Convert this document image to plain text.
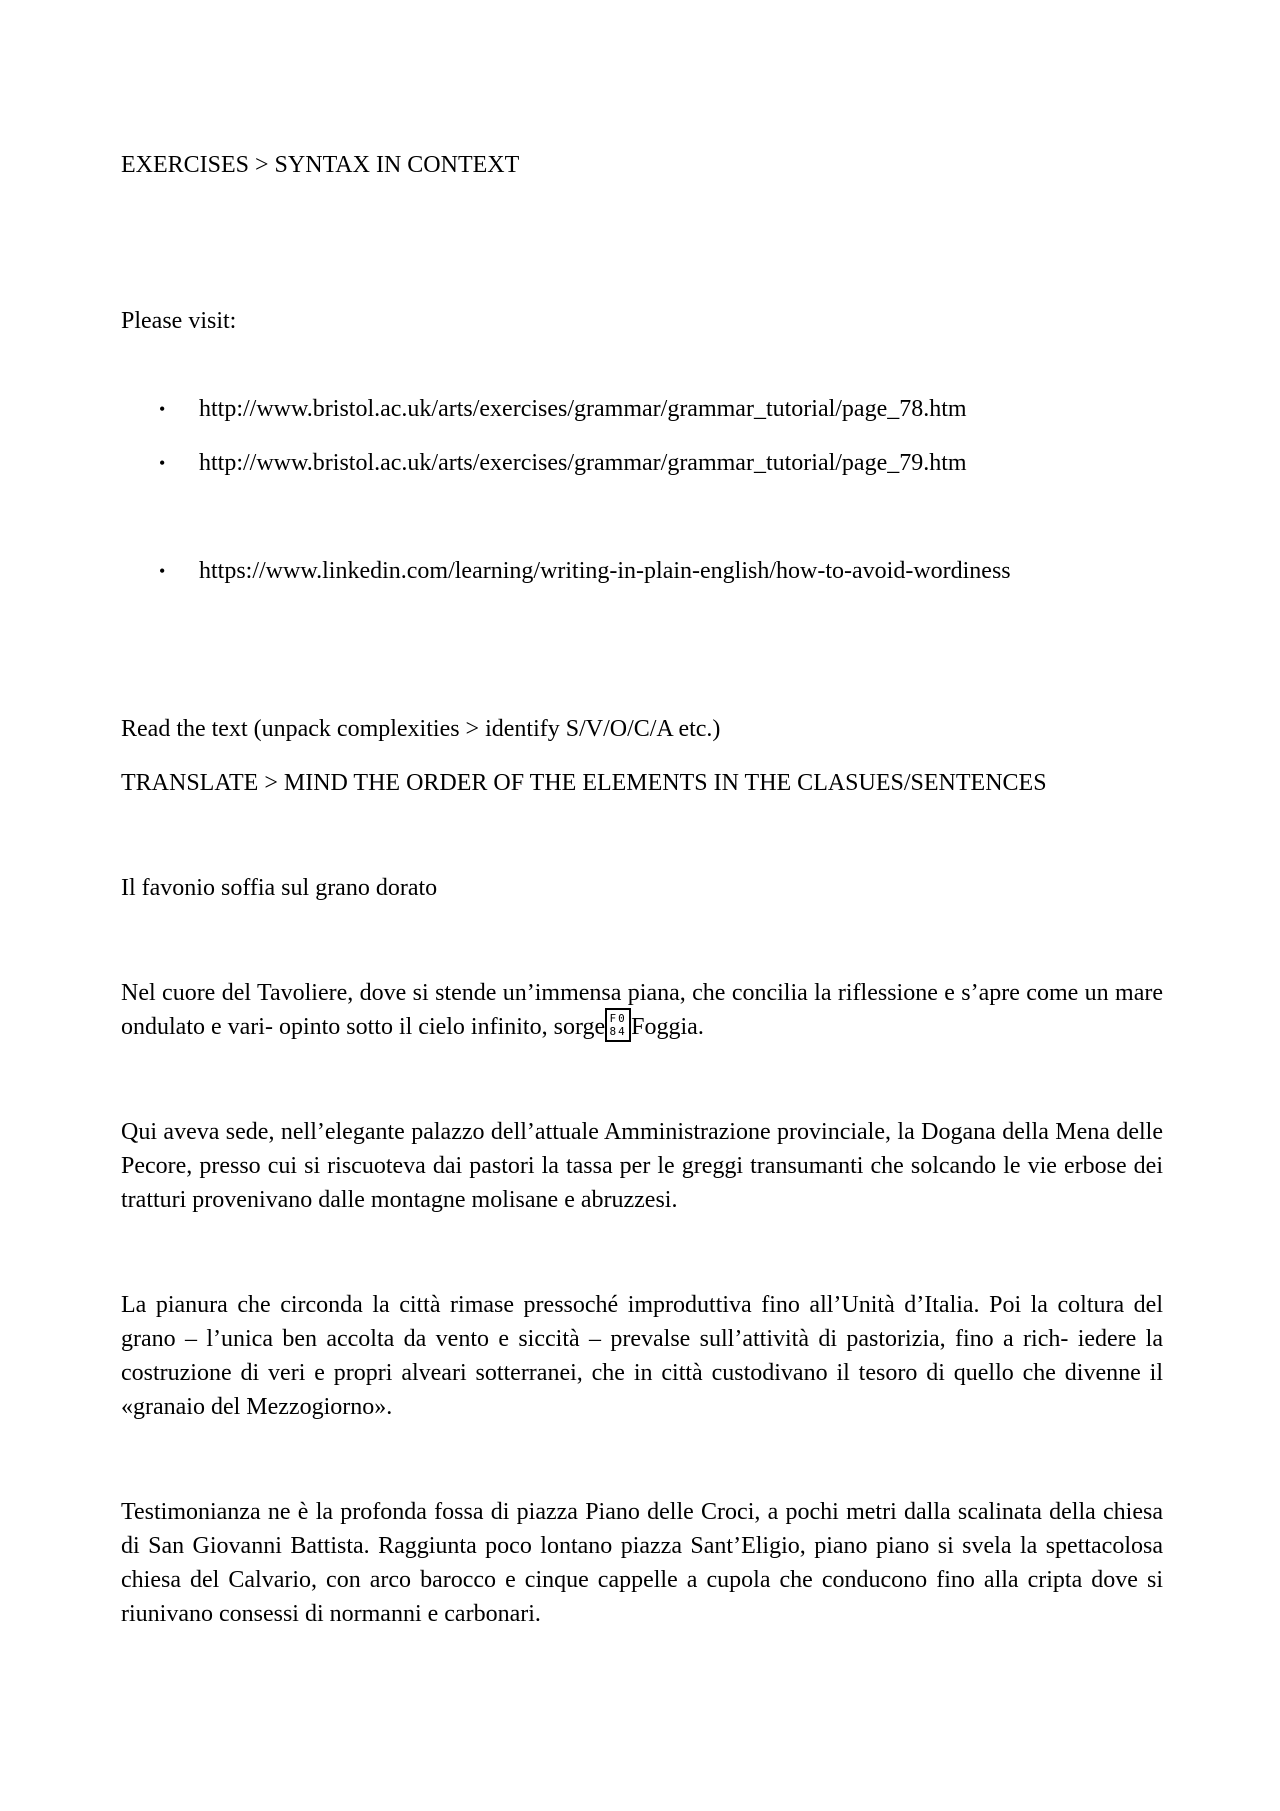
EXERCISES > SYNTAX IN CONTEXT

Please visit:

• http://www.bristol.ac.uk/arts/exercises/grammar/grammar_tutorial/page_78.htm
• http://www.bristol.ac.uk/arts/exercises/grammar/grammar_tutorial/page_79.htm
• https://www.linkedin.com/learning/writing-in-plain-english/how-to-avoid-wordiness

Read the text (unpack complexities > identify S/V/O/C/A etc.)

TRANSLATE > MIND THE ORDER OF THE ELEMENTS IN THE CLASUES/SENTENCES

Il favonio soffia sul grano dorato

Nel cuore del Tavoliere, dove si stende un’immensa piana, che concilia la riflessione e s’apre come un mare ondulato e vari- opinto sotto il cielo infinito, sorge F0
84 Foggia.

Qui aveva sede, nell’elegante palazzo dell’attuale Amministrazione provinciale, la Dogana della Mena delle Pecore, presso cui si riscuoteva dai pastori la tassa per le greggi transumanti che solcando le vie erbose dei tratturi provenivano dalle montagne molisane e abruzzesi.

La pianura che circonda la città rimase pressoché improduttiva fino all’Unità d’Italia. Poi la coltura del grano – l’unica ben accolta da vento e siccità – prevalse sull’attività di pastorizia, fino a rich- iedere la costruzione di veri e propri alveari sotterranei, che in città custodivano il tesoro di quello che divenne il «granaio del Mezzogiorno».

Testimonianza ne è la profonda fossa di piazza Piano delle Croci, a pochi metri dalla scalinata della chiesa di San Giovanni Battista. Raggiunta poco lontano piazza Sant’Eligio, piano piano si svela la spettacolosa chiesa del Calvario, con arco barocco e cinque cappelle a cupola che conducono fino alla cripta dove si riunivano consessi di normanni e carbonari.
